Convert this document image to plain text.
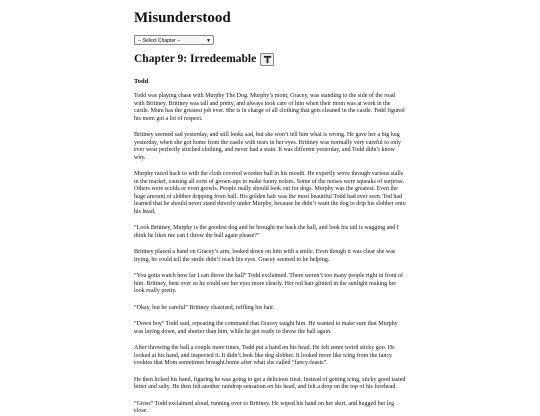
Misunderstood
-- Select Chapter --	▼
Chapter 9: Irredeemable
Todd

Todd was playing chase with Murphy The Dog. Murphy’s mom, Gracey, was standing to the side of the road with Brittney. Brittney was tall and pretty, and always took care of him when their mom was at work in the castle. Mum has the greatest job ever. She is in charge of all clothing that gets cleaned in the castle. Todd figured his mom got a lot of respect.

Brittney seemed sad yesterday, and still looks sad, but she won’t tell him what is wrong. He gave her a big hug yesterday, when she got home from the castle with tears in her eyes. Brittney was normally very careful to only ever wear perfectly stitched clothing, and never had a stain. It was different yesterday, and Todd didn’t know why.

Murphy raced back to with the cloth covered wooden ball in his mouth. He expertly wove through various stalls in the market, causing all sorts of grown-ups to make funny noises. Some of the noises were squeaks of surprise. Others were scolds or even growls. People really should look out for dogs. Murphy was the greatest. Even the huge amount of slobber dripping from ball. His golden hair was the most beautiful Todd had ever seen. Tod had learned that he should never stand directly under Murphy, because he didn’t want the dog to drip his slobber onto his head.

“Look Brittney, Murphy is the goodest dog and he brought me back the ball, and look his tail is wagging and I think he likes me can I throw the ball again please?”

Brittney placed a hand on Gracey’s arm, looked down on him with a smile. Even though it was clear she was trying, he could tell the smile didn’t reach his eyes. Gracey seemed to be helping.

“You gotta watch how far I can throw the ball” Todd exclaimed. There weren’t too many people right in front of him. Brittney, bent over so he could see her eyes more clearly. Her red hair glinted in the sunlight making her look really pretty.

“Okay, but be careful” Brittney chastised, ruffling his hair.

“Down boy” Todd said, repeating the command that Gracey taught him. He wanted to make sure that Murphy was laying down, and shorter than him, while he got ready to throw the ball again.

After throwing the ball a couple more times, Todd put a hand on his head. He felt some weird sticky goo. He looked at his hand, and inspected it. It didn’t look like dog slobber. It looked more like icing from the fancy cookies that Mom sometimes brought home after what she called “fancy-feasts”.

He then licked his hand, figuring he was going to get a delicious treat. Instead of getting icing, sticky good tasted bitter and salty. He then felt another raindrop sensation on his head, and felt a drop on the top of his forehead.

“Gross” Todd exclaimed aloud, running over to Brittney. He wiped his hand on her skirt, and hugged her leg close.
